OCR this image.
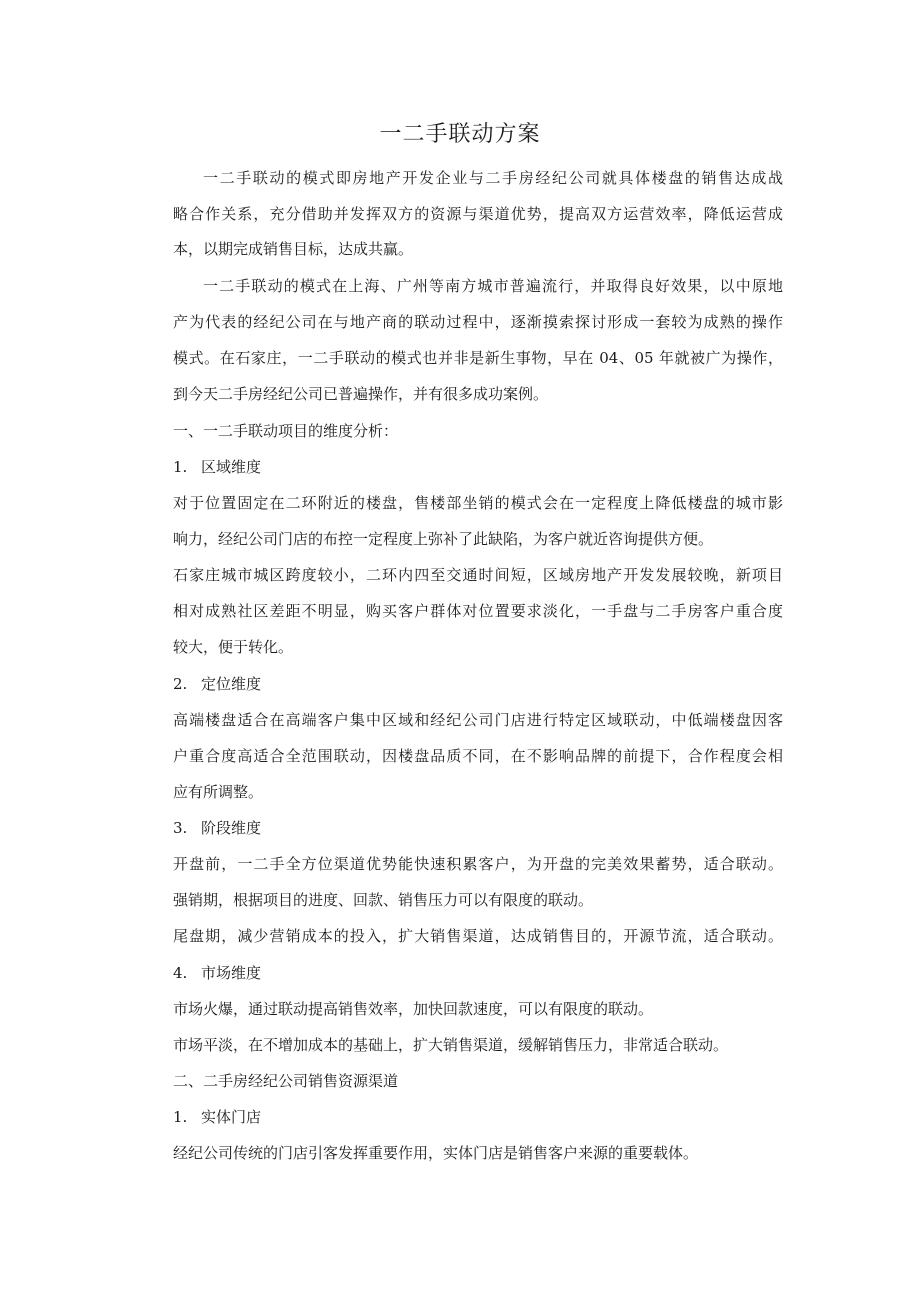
一二手联动方案
一二手联动的模式即房地产开发企业与二手房经纪公司就具体楼盘的销售达成战
略合作关系，充分借助并发挥双方的资源与渠道优势，提高双方运营效率，降低运营成
本，以期完成销售目标，达成共赢。
一二手联动的模式在上海、广州等南方城市普遍流行，并取得良好效果，以中原地
产为代表的经纪公司在与地产商的联动过程中，逐渐摸索探讨形成一套较为成熟的操作
模式。在石家庄，一二手联动的模式也并非是新生事物，早在 04、05 年就被广为操作，
到今天二手房经纪公司已普遍操作，并有很多成功案例。
一、一二手联动项目的维度分析：
1. 区域维度
对于位置固定在二环附近的楼盘，售楼部坐销的模式会在一定程度上降低楼盘的城市影
响力，经纪公司门店的布控一定程度上弥补了此缺陷，为客户就近咨询提供方便。
石家庄城市城区跨度较小，二环内四至交通时间短，区域房地产开发发展较晚，新项目
相对成熟社区差距不明显，购买客户群体对位置要求淡化，一手盘与二手房客户重合度
较大，便于转化。
2. 定位维度
高端楼盘适合在高端客户集中区域和经纪公司门店进行特定区域联动，中低端楼盘因客
户重合度高适合全范围联动，因楼盘品质不同，在不影响品牌的前提下，合作程度会相
应有所调整。
3. 阶段维度
开盘前，一二手全方位渠道优势能快速积累客户，为开盘的完美效果蓄势，适合联动。
强销期，根据项目的进度、回款、销售压力可以有限度的联动。
尾盘期，减少营销成本的投入，扩大销售渠道，达成销售目的，开源节流，适合联动。
4. 市场维度
市场火爆，通过联动提高销售效率，加快回款速度，可以有限度的联动。
市场平淡，在不增加成本的基础上，扩大销售渠道，缓解销售压力，非常适合联动。
二、二手房经纪公司销售资源渠道
1. 实体门店
经纪公司传统的门店引客发挥重要作用，实体门店是销售客户来源的重要载体。
